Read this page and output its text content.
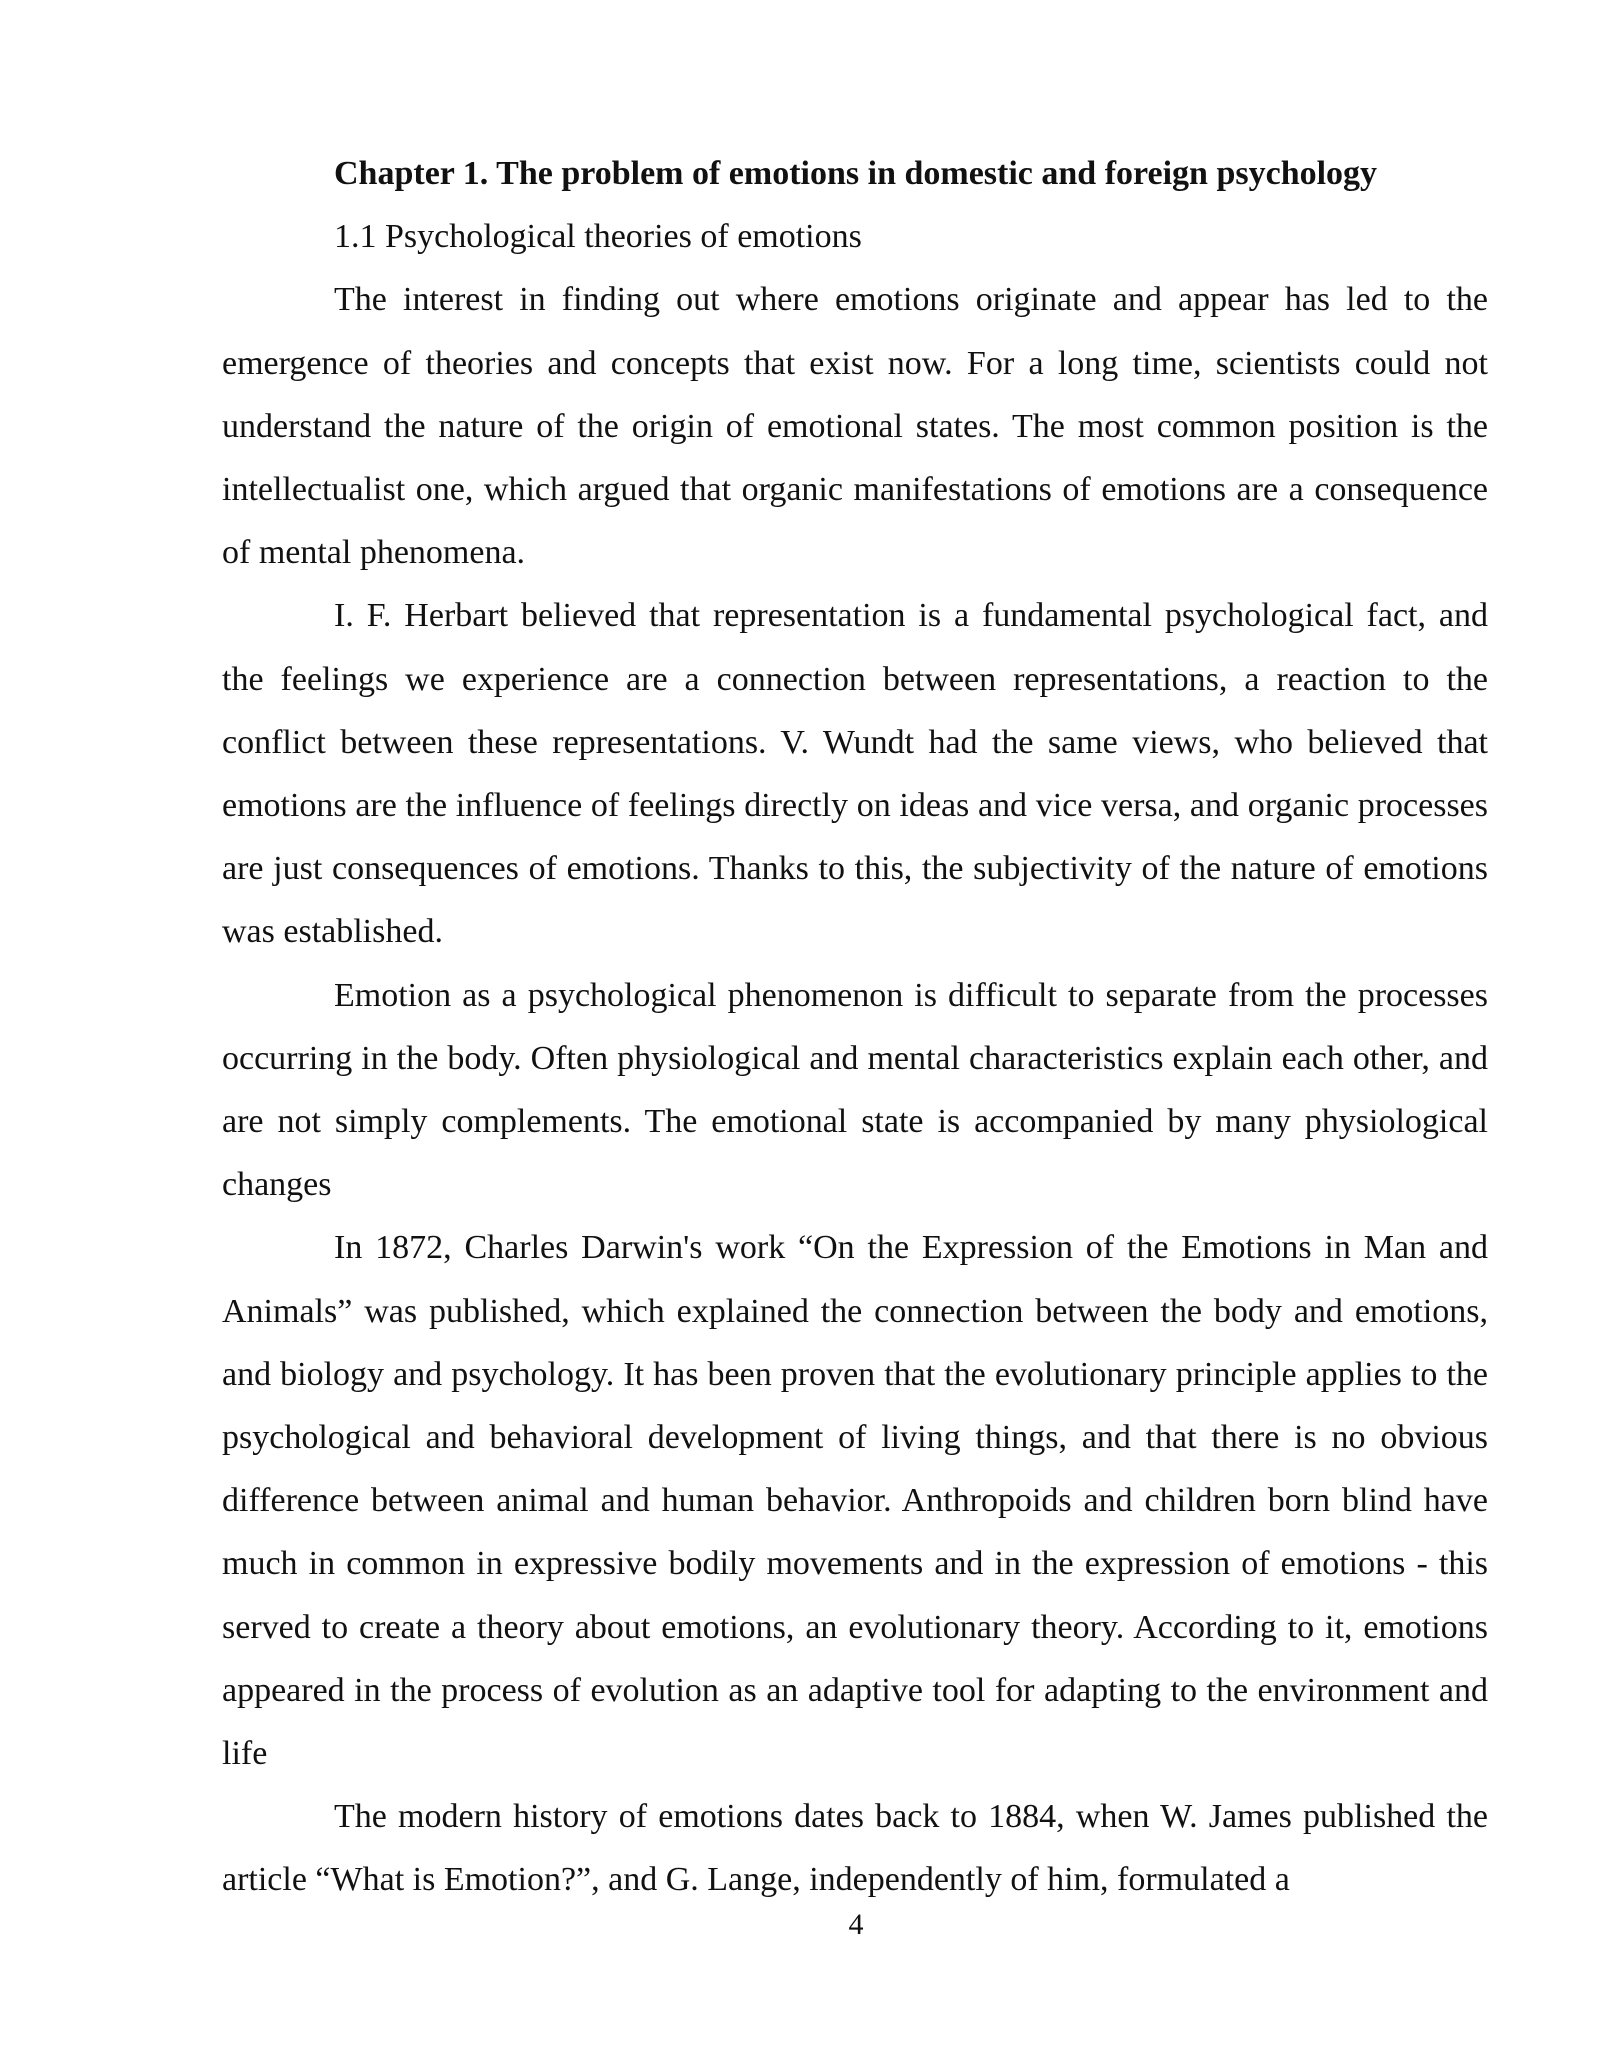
Chapter 1. The problem of emotions in domestic and foreign psychology

1.1 Psychological theories of emotions

The interest in finding out where emotions originate and appear has led to the emergence of theories and concepts that exist now. For a long time, scientists could not understand the nature of the origin of emotional states. The most common position is the intellectualist one, which argued that organic manifestations of emotions are a consequence of mental phenomena.

I. F. Herbart believed that representation is a fundamental psychological fact, and the feelings we experience are a connection between representations, a reaction to the conflict between these representations. V. Wundt had the same views, who believed that emotions are the influence of feelings directly on ideas and vice versa, and organic processes are just consequences of emotions. Thanks to this, the subjectivity of the nature of emotions was established.

Emotion as a psychological phenomenon is difficult to separate from the processes occurring in the body. Often physiological and mental characteristics explain each other, and are not simply complements. The emotional state is accompanied by many physiological changes

In 1872, Charles Darwin's work “On the Expression of the Emotions in Man and Animals” was published, which explained the connection between the body and emotions, and biology and psychology. It has been proven that the evolutionary principle applies to the psychological and behavioral development of living things, and that there is no obvious difference between animal and human behavior. Anthropoids and children born blind have much in common in expressive bodily movements and in the expression of emotions - this served to create a theory about emotions, an evolutionary theory. According to it, emotions appeared in the process of evolution as an adaptive tool for adapting to the environment and life

The modern history of emotions dates back to 1884, when W. James published the article “What is Emotion?”, and G. Lange, independently of him, formulated a

4
